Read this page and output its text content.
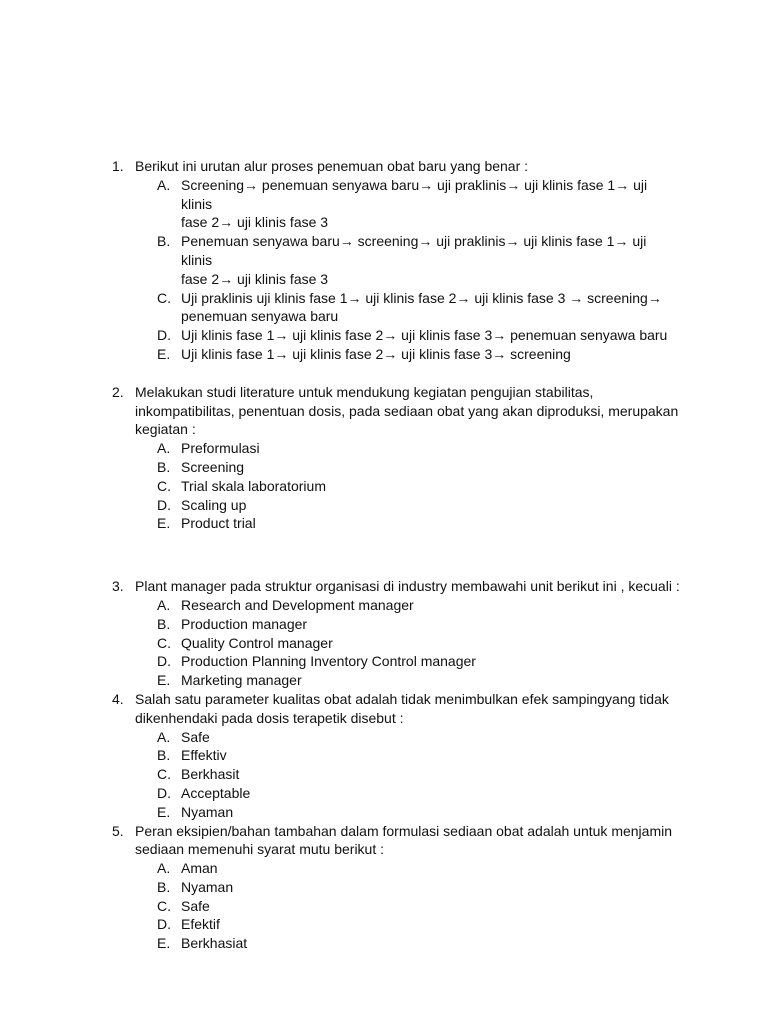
1. Berikut ini urutan alur proses penemuan obat baru yang benar :
A. Screening→ penemuan senyawa baru→ uji praklinis→ uji klinis fase 1→ uji klinis
fase 2→ uji klinis fase 3
B. Penemuan senyawa baru→ screening→ uji praklinis→ uji klinis fase 1→ uji klinis
fase 2→ uji klinis fase 3
C. Uji praklinis uji klinis fase 1→ uji klinis fase 2→ uji klinis fase 3 → screening→
penemuan senyawa baru
D. Uji klinis fase 1→ uji klinis fase 2→ uji klinis fase 3→ penemuan senyawa baru
E. Uji klinis fase 1→ uji klinis fase 2→ uji klinis fase 3→ screening
2. Melakukan studi literature untuk mendukung kegiatan pengujian stabilitas,
inkompatibilitas, penentuan dosis, pada sediaan obat yang akan diproduksi, merupakan
kegiatan :
A. Preformulasi
B. Screening
C. Trial skala laboratorium
D. Scaling up
E. Product trial
3. Plant manager pada struktur organisasi di industry membawahi unit berikut ini , kecuali :
A. Research and Development manager
B. Production manager
C. Quality Control manager
D. Production Planning Inventory Control manager
E. Marketing manager
4. Salah satu parameter kualitas obat adalah tidak menimbulkan efek sampingyang tidak
dikenhendaki pada dosis terapetik disebut :
A. Safe
B. Effektiv
C. Berkhasit
D. Acceptable
E. Nyaman
5. Peran eksipien/bahan tambahan dalam formulasi sediaan obat adalah untuk menjamin
sediaan memenuhi syarat mutu berikut :
A. Aman
B. Nyaman
C. Safe
D. Efektif
E. Berkhasiat
